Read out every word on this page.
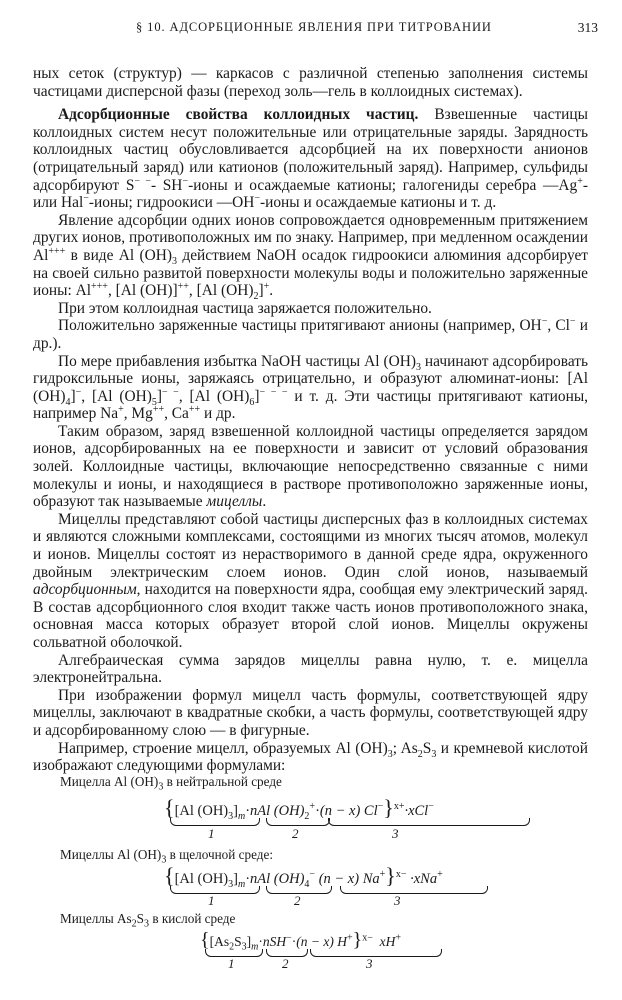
§ 10. АДСОРБЦИОННЫЕ ЯВЛЕНИЯ ПРИ ТИТРОВАНИИ	313

ных сеток (структур) — каркасов с различной степенью заполнения системы частицами дисперсной фазы (переход золь—гель в коллоидных системах).

Адсорбционные свойства коллоидных частиц. Взвешенные частицы коллоидных систем несут положительные или отрицательные заряды. Зарядность коллоидных частиц обусловливается адсорбцией на их поверхности анионов (отрицательный заряд) или катионов (положительный заряд). Например, сульфиды адсорбируют S− −- SH−-ионы и осаждаемые катионы; галогениды серебра —Ag+- или Hal−-ионы; гидроокиси —OH−-ионы и осаждаемые катионы и т. д.

Явление адсорбции одних ионов сопровождается одновременным притяжением других ионов, противоположных им по знаку. Например, при медленном осаждении Al+++ в виде Al $(OH)_3$ действием NaOH осадок гидроокиси алюминия адсорбирует на своей сильно развитой поверхности молекулы воды и положительно заряженные ионы: Al+++, [Al (OH)]++, [Al $(OH)_2]^+$.

При этом коллоидная частица заряжается положительно.

Положительно заряженные частицы притягивают анионы (например, OH−, Cl− и др.).

По мере прибавления избытка NaOH частицы Al $(OH)_3$ начинают адсорбировать гидроксильные ионы, заряжаясь отрицательно, и образуют алюминат-ионы: [Al $(OH)_4]^-$, [Al $(OH)_5]^{- -}$, [Al $(OH)_6]^{- - -}$ и т. д. Эти частицы притягивают катионы, например Na+, Mg++, Ca++ и др.

Таким образом, заряд взвешенной коллоидной частицы определяется зарядом ионов, адсорбированных на ее поверхности и зависит от условий образования золей. Коллоидные частицы, включающие непосредственно связанные с ними молекулы и ионы, и находящиеся в растворе противоположно заряженные ионы, образуют так называемые мицеллы.

Мицеллы представляют собой частицы дисперсных фаз в коллоидных системах и являются сложными комплексами, состоящими из многих тысяч атомов, молекул и ионов. Мицеллы состоят из нерастворимого в данной среде ядра, окруженного двойным электрическим слоем ионов. Один слой ионов, называемый адсорбционным, находится на поверхности ядра, сообщая ему электрический заряд. В состав адсорбционного слоя входит также часть ионов противоположного знака, основная масса которых образует второй слой ионов. Мицеллы окружены сольватной оболочкой.

Алгебраическая сумма зарядов мицеллы равна нулю, т. е. мицелла электронейтральна.

При изображении формул мицелл часть формулы, соответствующей ядру мицеллы, заключают в квадратные скобки, а часть формулы, соответствующей ядру и адсорбированному слою — в фигурные.

Например, строение мицелл, образуемых Al $(OH)_3$; $As_2S_3$ и кремневой кислотой изображают следующими формулами:

Мицелла Al $(OH)_3$ в нейтральной среде
{[Al $(OH)_3]_m\cdot nAl$ $(OH)_2^+\cdot(n - x)$ Cl−}$^{x+}$·xCl−
1	2	3
Мицеллы Al $(OH)_3$ в щелочной среде:
{[Al $(OH)_3]_m\cdot nAl$ $(OH)_4^-$ (n − x) Na+}$^{x-}$ ·xNa+
1	2	3
Мицеллы $As_2S_3$ в кислой среде
{$[As_2S_3]_m\cdot nSH^-\cdot(n - x)$ H+}$^{x-}$ xH+
1	2	3
